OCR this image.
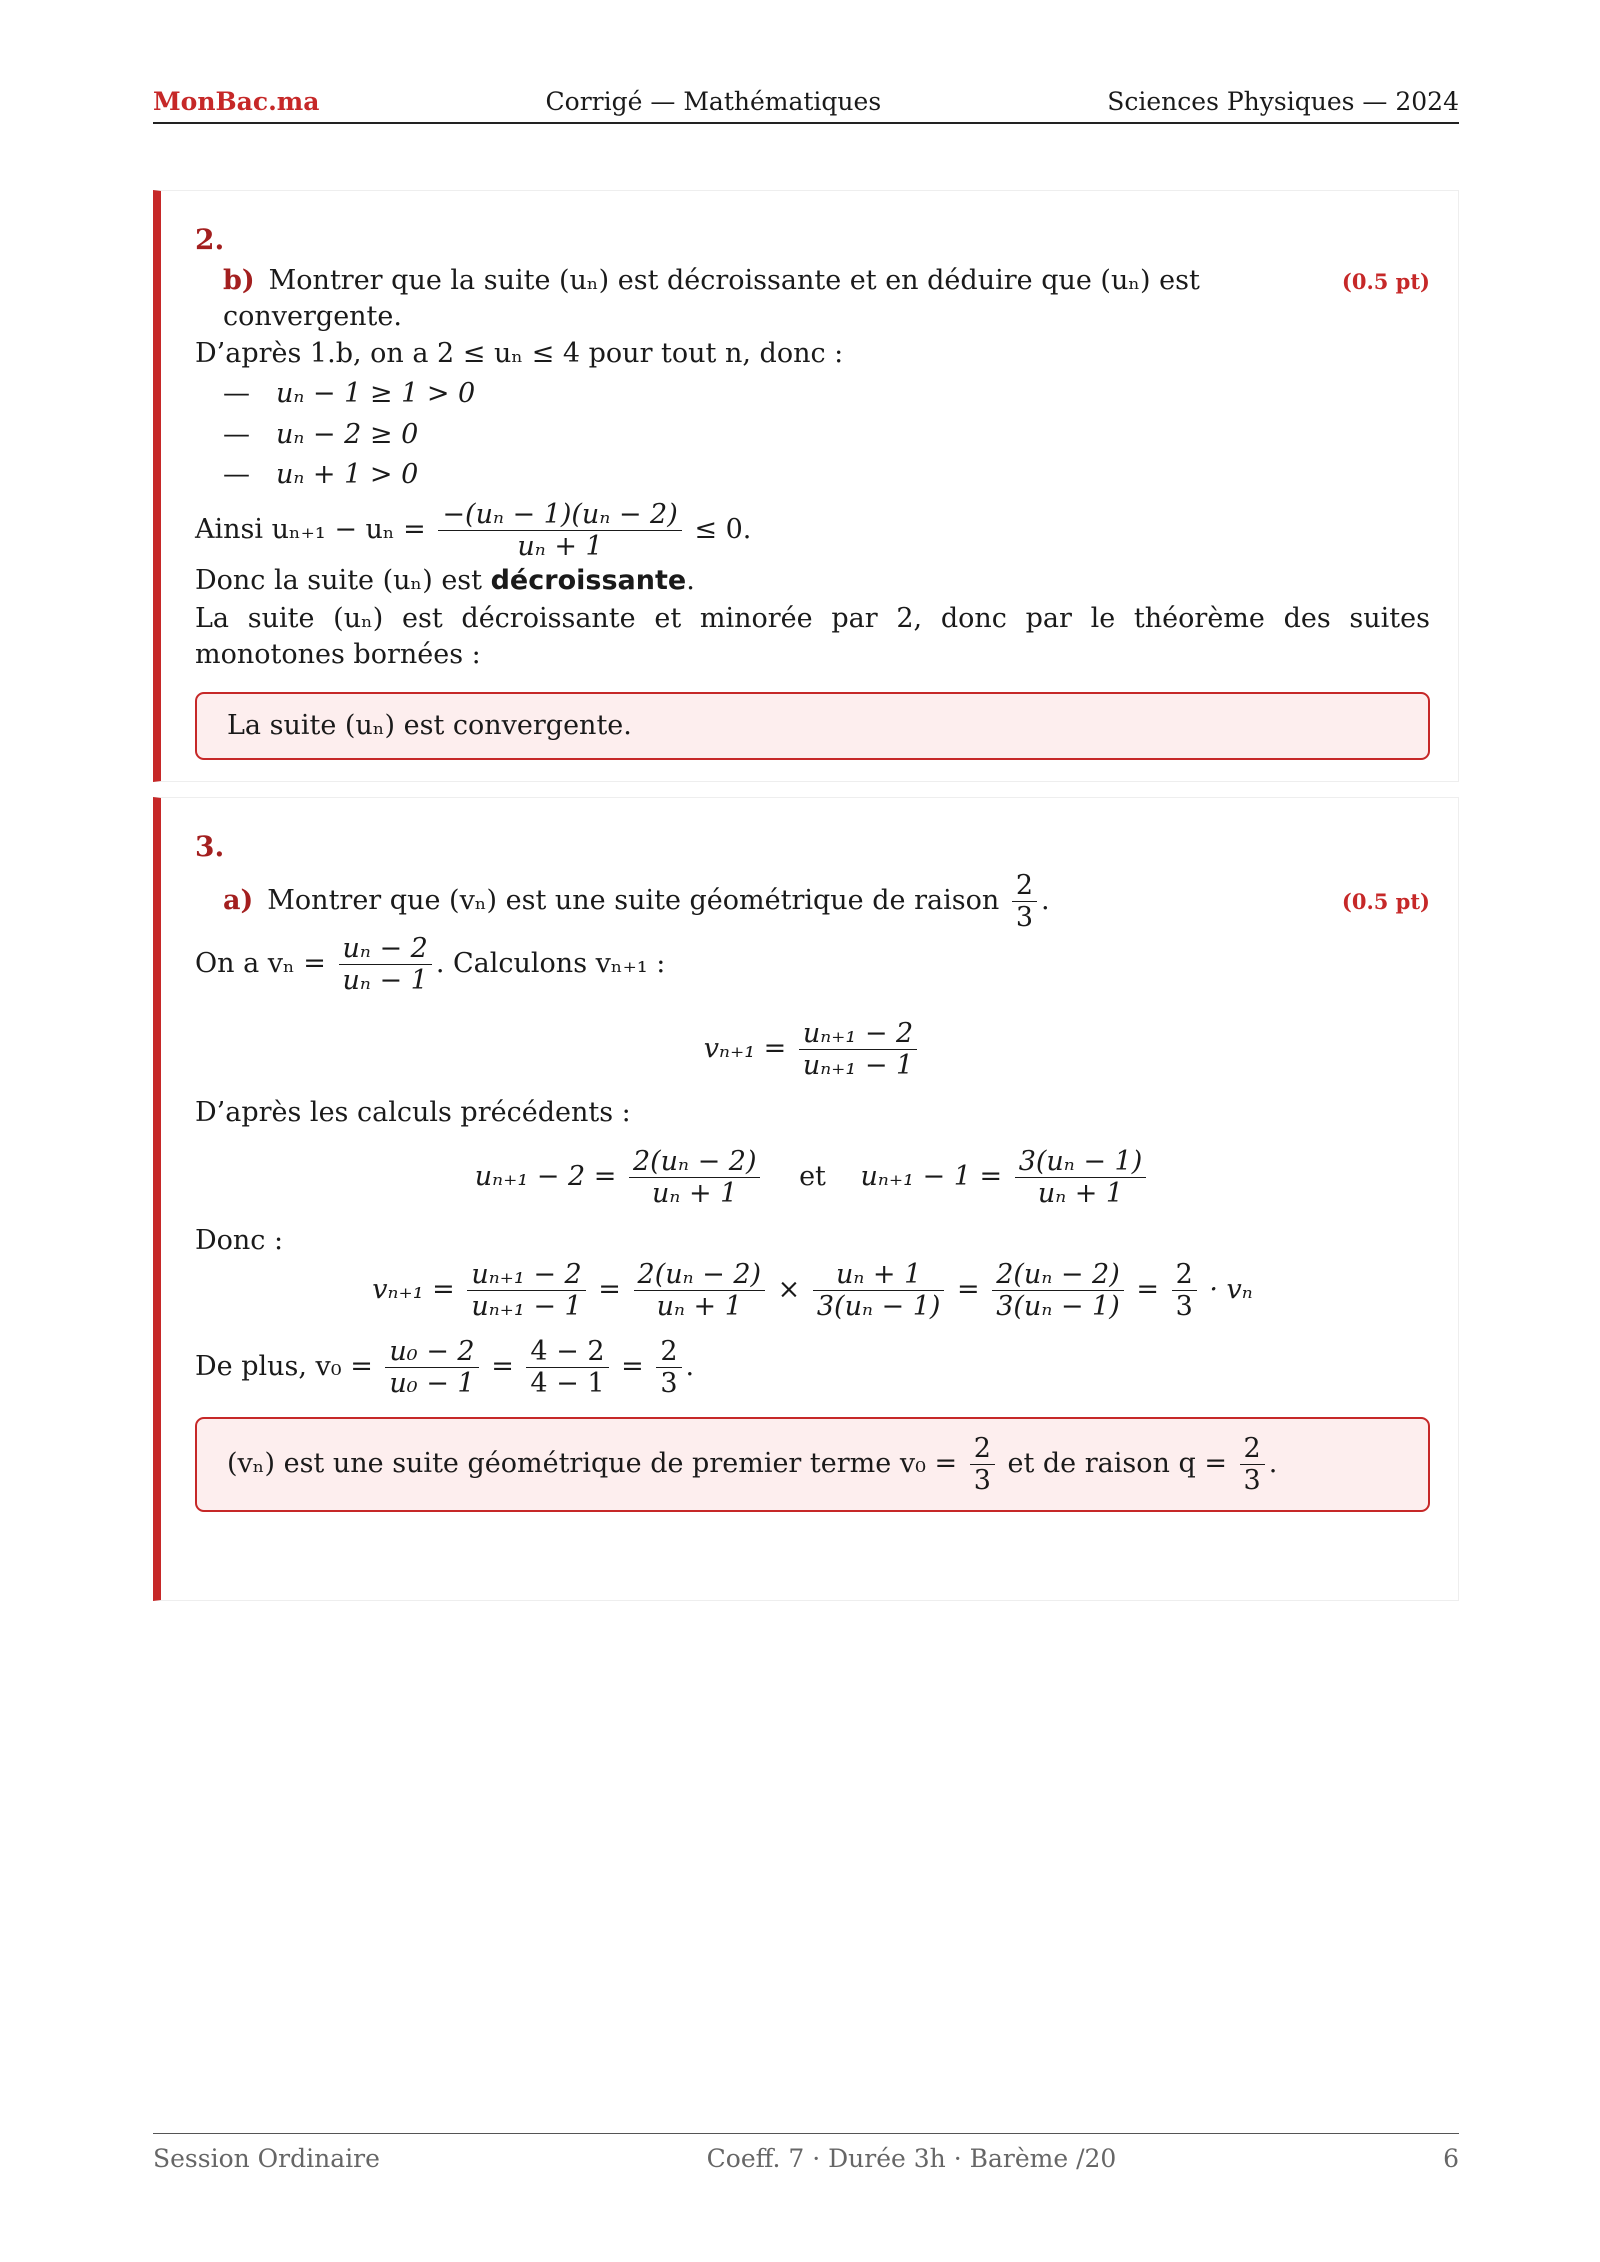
MonBac.ma	Corrigé — Mathématiques	Sciences Physiques — 2024
2.
b) Montrer que la suite (uₙ) est décroissante et en déduire que (uₙ) est convergente.
(0.5 pt)
D’après 1.b, on a 2 ≤ uₙ ≤ 4 pour tout n, donc :
— uₙ − 1 ≥ 1 > 0
— uₙ − 2 ≥ 0
— uₙ + 1 > 0
Ainsi $u_{n+1} - u_n = \frac{\text{−(uₙ − 1)(uₙ − 2)}}{\text{uₙ + 1}} \le 0$.
Donc la suite (uₙ) est décroissante.
La suite (uₙ) est décroissante et minorée par 2, donc par le théorème des suites monotones bornées :
La suite (uₙ) est convergente.
3.
a) Montrer que (vₙ) est une suite géométrique de raison $\frac{2}{3}$ .	(0.5 pt)
On a $v_n = \frac{\text{uₙ − 2}}{\text{uₙ − 1}}$ . Calculons vₙ₊₁ :
$v_{n+1} = \frac{\text{uₙ₊₁ − 2}}{\text{uₙ₊₁ − 1}}$
D’après les calculs précédents :
$u_{n+1} - 2 = \frac{\text{2(uₙ − 2)}}{\text{uₙ + 1}}$ et $u_{n+1} - 1 = \frac{\text{3(uₙ − 1)}}{\text{uₙ + 1}}$
Donc :
$v_{n+1} = \frac{\text{uₙ₊₁ − 2}}{\text{uₙ₊₁ − 1}} = \frac{\text{2(uₙ − 2)}}{\text{uₙ + 1}} \times \frac{\text{uₙ + 1}}{\text{3(uₙ − 1)}} = \frac{\text{2(uₙ − 2)}}{\text{3(uₙ − 1)}} = \frac{2}{3} \cdot v_n$
De plus, $v_0 = \frac{\text{u₀ − 2}}{\text{u₀ − 1}} = \frac{4 - 2}{4 - 1} = \frac{2}{3}$ .
(vₙ) est une suite géométrique de premier terme $v_0 = \frac{2}{3}$ et de raison $q = \frac{2}{3}$ .
Session Ordinaire	Coeff. 7 · Durée 3h · Barème /20	6
